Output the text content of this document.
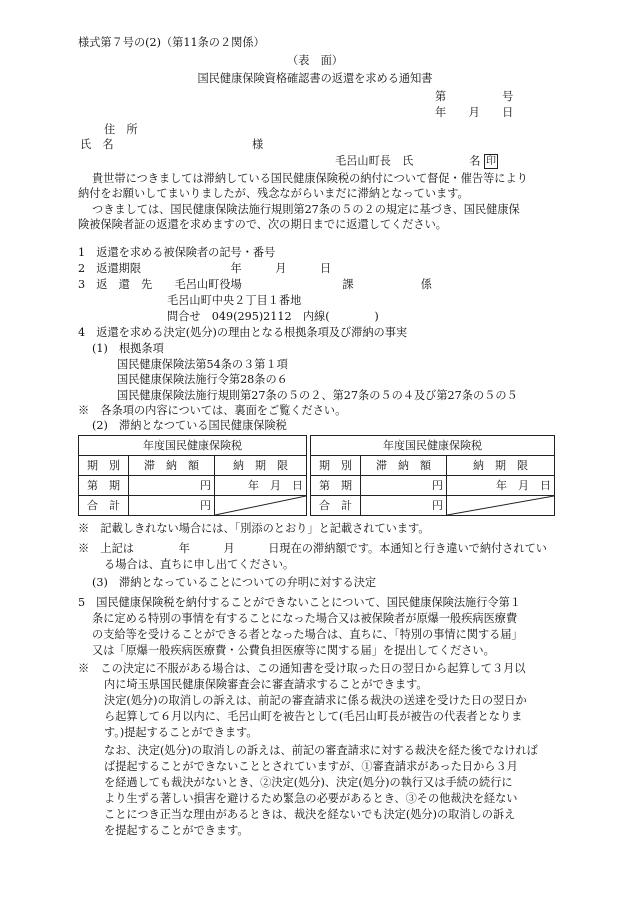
様式第７号の(2)（第11条の２関係）
（表　面）
国民健康保険資格確認書の返還を求める通知書
第　　　　　号
年　　月　　日
住　所
氏　名	様
毛呂山町長　氏　　　　　名 印
貴世帯につきましては滞納している国民健康保険税の納付について督促・催告等により
納付をお願いしてまいりましたが、残念ながらいまだに滞納となっています。
つきましては、国民健康保険法施行規則第27条の５の２の規定に基づき、国民健康保
険被保険者証の返還を求めますので、次の期日までに返還してください。
1　返還を求める被保険者の記号・番号
2　返還期限　　　　　　　　年　　　月　　　日
3　返　還　先　　毛呂山町役場　　　　　　　　　課　　　　　　係
毛呂山町中央２丁目１番地
問合せ　049(295)2112　内線(　　　　)
4　返還を求める決定(処分)の理由となる根拠条項及び滞納の事実
(1)　根拠条項
国民健康保険法第54条の３第１項
国民健康保険法施行令第28条の６
国民健康保険法施行規則第27条の５の２、第27条の５の４及び第27条の５の５
※　各条項の内容については、裏面をご覧ください。
(2)　滞納となつている国民健康保険税
年度国民健康保険税				年度国民健康保険税		
期　別	滞　納　額	納　期　限		期　別	滞　納　額	納　期　限
第　期	円	年　月　日		第　期	円	年　月　日
合　計	円			合　計	円	
※　記載しきれない場合には、「別添のとおり」と記載されています。
※　上記は　　　　年　　　月　　　日現在の滞納額です。本通知と行き違いで納付されてい
る場合は、直ちに申し出てください。
(3)　滞納となっていることについての弁明に対する決定
5　国民健康保険税を納付することができないことについて、国民健康保険法施行令第１
条に定める特別の事情を有することになった場合又は被保険者が原爆一般疾病医療費
の支給等を受けることができる者となった場合は、直ちに、「特別の事情に関する届」
又は「原爆一般疾病医療費・公費負担医療等に関する届」を提出してください。
※　この決定に不服がある場合は、この通知書を受け取った日の翌日から起算して３月以
内に埼玉県国民健康保険審査会に審査請求することができます。
決定(処分)の取消しの訴えは、前記の審査請求に係る裁決の送達を受けた日の翌日か
ら起算して６月以内に、毛呂山町を被告として(毛呂山町長が被告の代表者となりま
す。)提起することができます。
なお、決定(処分)の取消しの訴えは、前記の審査請求に対する裁決を経た後でなければ
ば提起することができないこととされていますが、①審査請求があった日から３月
を経過しても裁決がないとき、②決定(処分)、決定(処分)の執行又は手続の続行に
より生ずる著しい損害を避けるため緊急の必要があるとき、③その他裁決を経ない
ことにつき正当な理由があるときは、裁決を経ないでも決定(処分)の取消しの訴え
を提起することができます。
